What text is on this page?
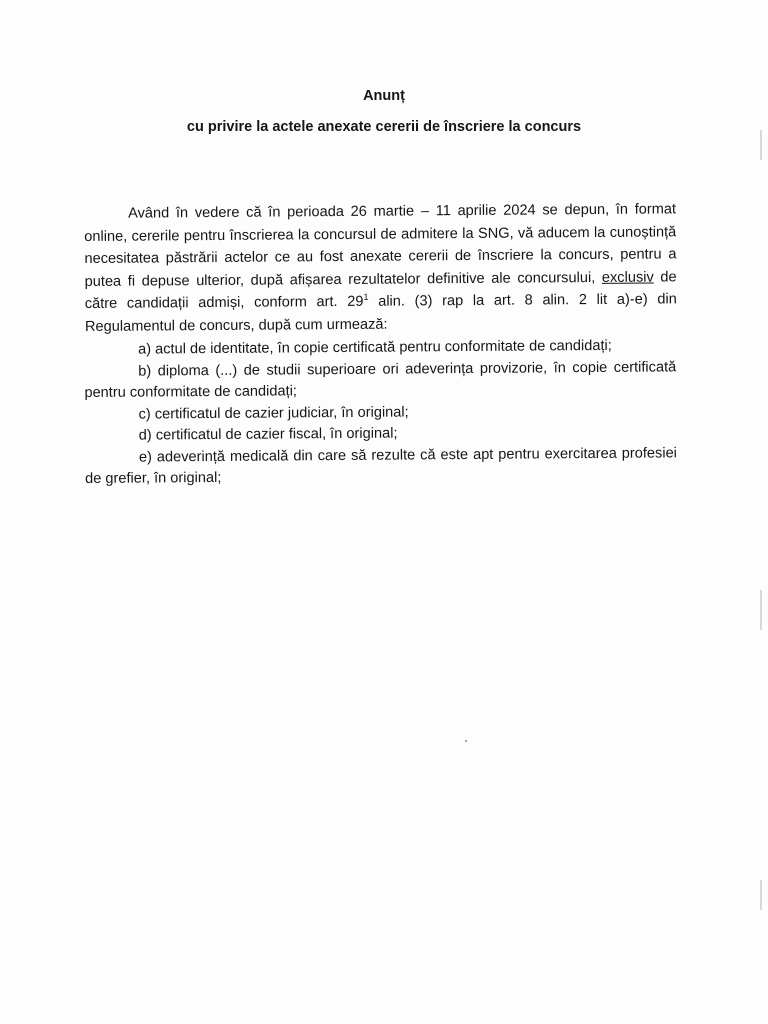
Anunț
cu privire la actele anexate cererii de înscriere la concurs

Având în vedere că în perioada 26 martie – 11 aprilie 2024 se depun, în format online, cererile pentru înscrierea la concursul de admitere la SNG, vă aducem la cunoștință necesitatea păstrării actelor ce au fost anexate cererii de înscriere la concurs, pentru a putea fi depuse ulterior, după afișarea rezultatelor definitive ale concursului, exclusiv de către candidații admiși, conform art. $29^1$ alin. (3) rap la art. 8 alin. 2 lit a)-e) din Regulamentul de concurs, după cum urmează:

a) actul de identitate, în copie certificată pentru conformitate de candidați;
b) diploma (...) de studii superioare ori adeverința provizorie, în copie certificată pentru conformitate de candidați;
c) certificatul de cazier judiciar, în original;
d) certificatul de cazier fiscal, în original;
e) adeverință medicală din care să rezulte că este apt pentru exercitarea profesiei de grefier, în original;
